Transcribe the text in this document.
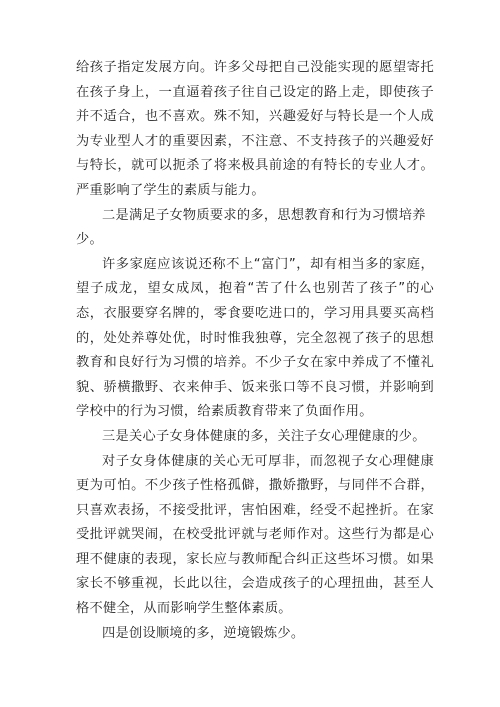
给孩子指定发展方向。许多父母把自己没能实现的愿望寄托在孩子身上，一直逼着孩子往自己设定的路上走，即使孩子并不适合，也不喜欢。殊不知，兴趣爱好与特长是一个人成为专业型人才的重要因素，不注意、不支持孩子的兴趣爱好与特长，就可以扼杀了将来极具前途的有特长的专业人才。严重影响了学生的素质与能力。

二是满足子女物质要求的多，思想教育和行为习惯培养少。

许多家庭应该说还称不上“富门”，却有相当多的家庭，望子成龙，望女成凤，抱着“苦了什么也别苦了孩子”的心态，衣服要穿名牌的，零食要吃进口的，学习用具要买高档的，处处养尊处优，时时惟我独尊，完全忽视了孩子的思想教育和良好行为习惯的培养。不少子女在家中养成了不懂礼貌、骄横撒野、衣来伸手、饭来张口等不良习惯，并影响到学校中的行为习惯，给素质教育带来了负面作用。

三是关心子女身体健康的多，关注子女心理健康的少。

对子女身体健康的关心无可厚非，而忽视子女心理健康更为可怕。不少孩子性格孤僻，撒娇撒野，与同伴不合群，只喜欢表扬，不接受批评，害怕困难，经受不起挫折。在家受批评就哭闹，在校受批评就与老师作对。这些行为都是心理不健康的表现，家长应与教师配合纠正这些坏习惯。如果家长不够重视，长此以往，会造成孩子的心理扭曲，甚至人格不健全，从而影响学生整体素质。

四是创设顺境的多，逆境锻炼少。
